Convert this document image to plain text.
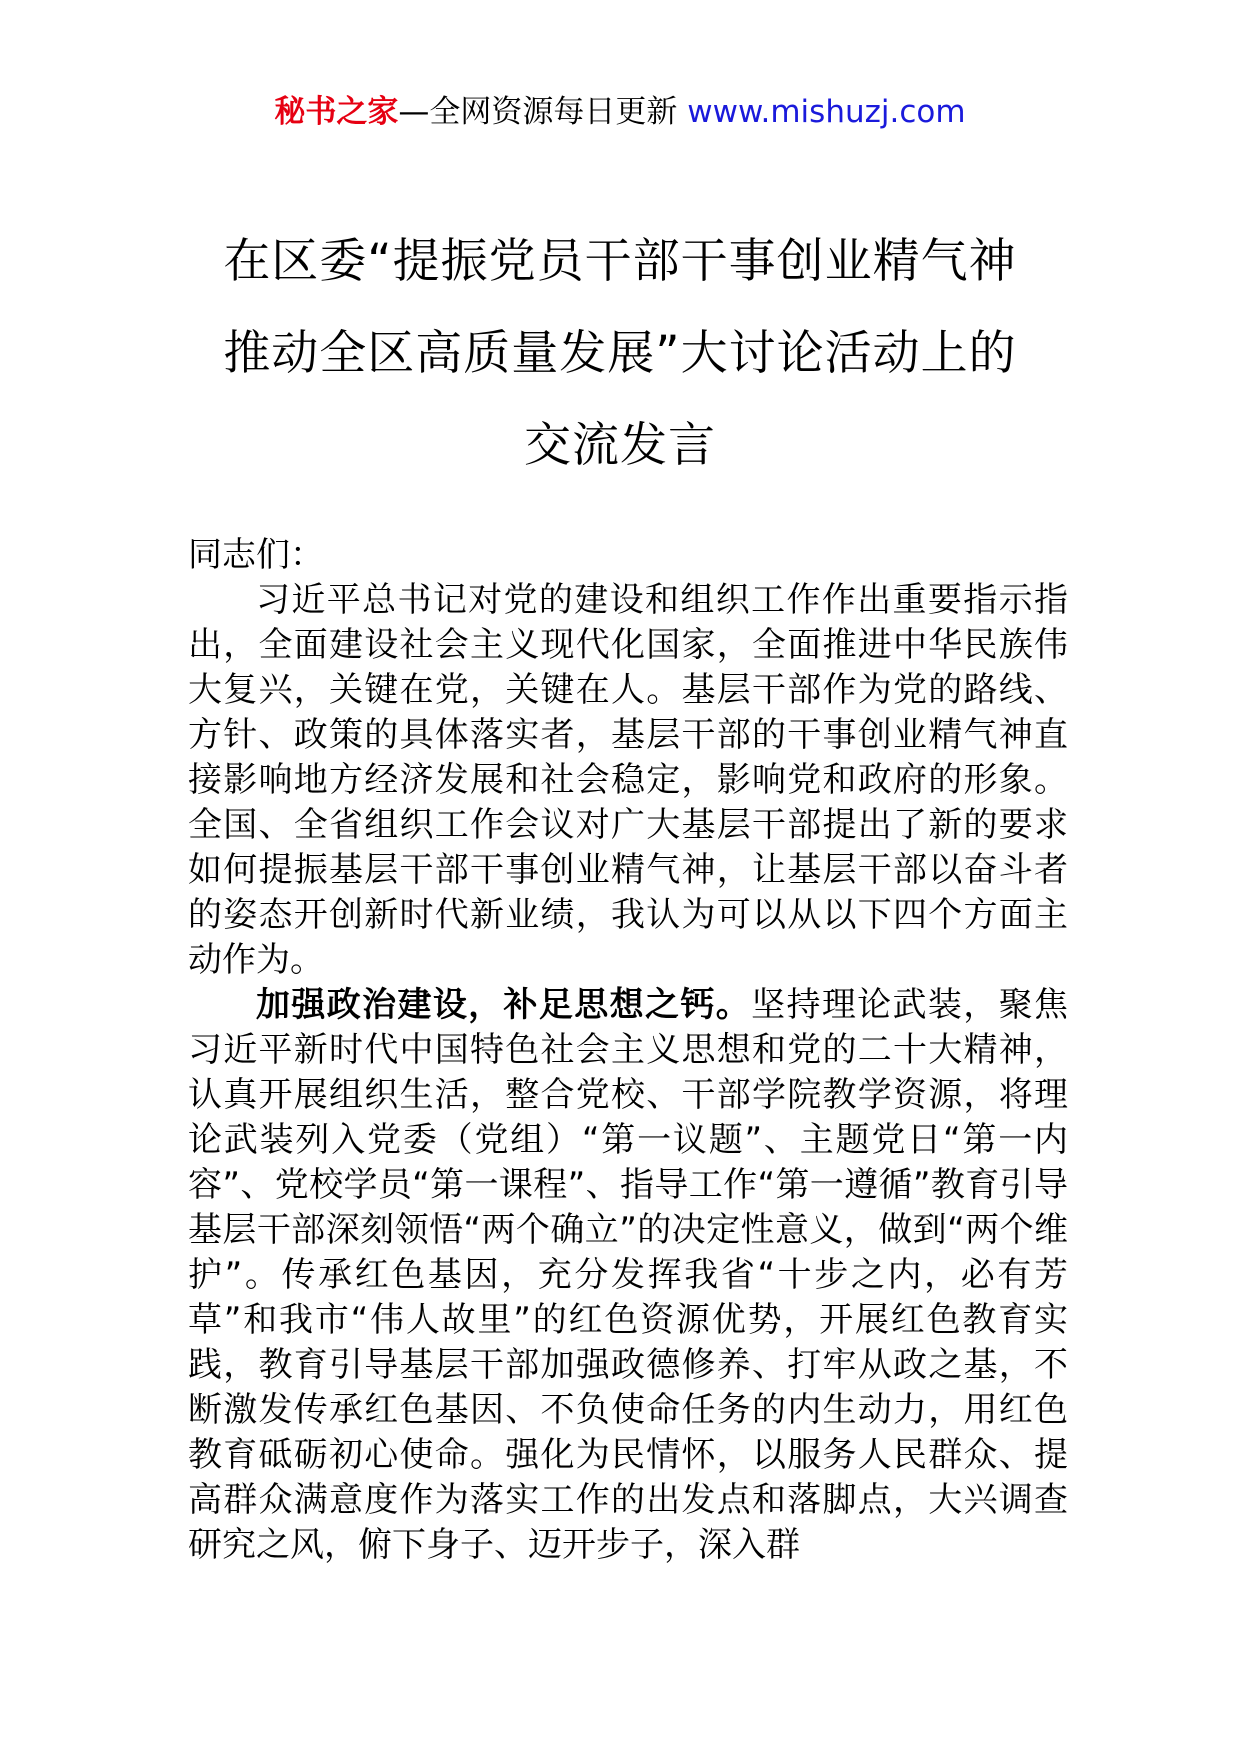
秘书之家—全网资源每日更新 www.mishuzj.com
在区委“提振党员干部干事创业精气神
推动全区高质量发展”大讨论活动上的
交流发言

同志们：

习近平总书记对党的建设和组织工作作出重要指示指出，全面建设社会主义现代化国家，全面推进中华民族伟大复兴，关键在党，关键在人。基层干部作为党的路线、方针、政策的具体落实者，基层干部的干事创业精气神直接影响地方经济发展和社会稳定，影响党和政府的形象。全国、全省组织工作会议对广大基层干部提出了新的要求如何提振基层干部干事创业精气神，让基层干部以奋斗者的姿态开创新时代新业绩，我认为可以从以下四个方面主动作为。

加强政治建设，补足思想之钙。坚持理论武装，聚焦习近平新时代中国特色社会主义思想和党的二十大精神，认真开展组织生活，整合党校、干部学院教学资源，将理论武装列入党委（党组）“第一议题”、主题党日“第一内容”、党校学员“第一课程”、指导工作“第一遵循”教育引导基层干部深刻领悟“两个确立”的决定性意义，做到“两个维护”。传承红色基因，充分发挥我省“十步之内，必有芳草”和我市“伟人故里”的红色资源优势，开展红色教育实践，教育引导基层干部加强政德修养、打牢从政之基，不断激发传承红色基因、不负使命任务的内生动力，用红色教育砥砺初心使命。强化为民情怀，以服务人民群众、提高群众满意度作为落实工作的出发点和落脚点，大兴调查研究之风，俯下身子、迈开步子，深入群
